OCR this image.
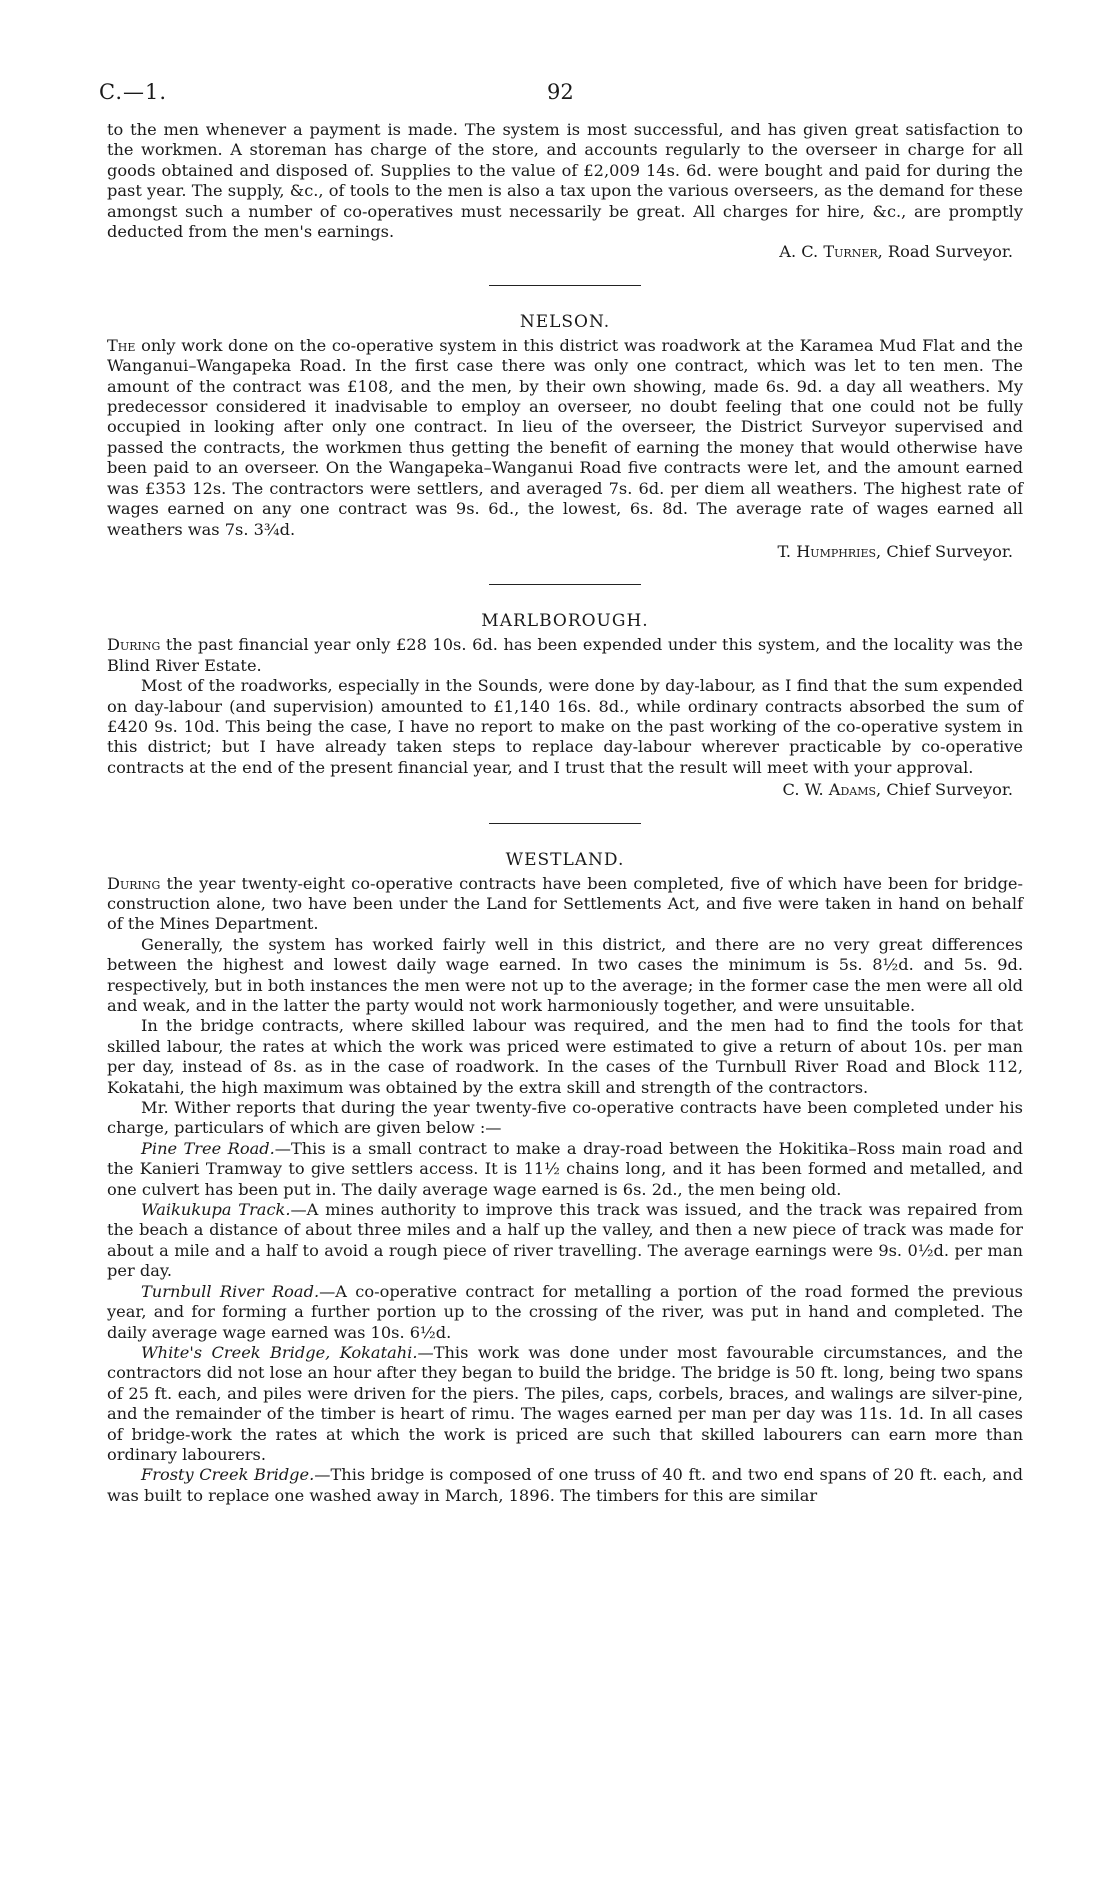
C.—1.	92

to the men whenever a payment is made. The system is most successful, and has given great satisfaction to the workmen. A storeman has charge of the store, and accounts regularly to the overseer in charge for all goods obtained and disposed of. Supplies to the value of £2,009 14s. 6d. were bought and paid for during the past year. The supply, &c., of tools to the men is also a tax upon the various overseers, as the demand for these amongst such a number of co-operatives must necessarily be great. All charges for hire, &c., are promptly deducted from the men's earnings.

A. C. Turner, Road Surveyor.
NELSON.

The only work done on the co-operative system in this district was roadwork at the Karamea Mud Flat and the Wanganui–Wangapeka Road. In the first case there was only one contract, which was let to ten men. The amount of the contract was £108, and the men, by their own showing, made 6s. 9d. a day all weathers. My predecessor considered it inadvisable to employ an overseer, no doubt feeling that one could not be fully occupied in looking after only one contract. In lieu of the overseer, the District Surveyor supervised and passed the contracts, the workmen thus getting the benefit of earning the money that would otherwise have been paid to an overseer. On the Wangapeka–Wanganui Road five contracts were let, and the amount earned was £353 12s. The contractors were settlers, and averaged 7s. 6d. per diem all weathers. The highest rate of wages earned on any one contract was 9s. 6d., the lowest, 6s. 8d. The average rate of wages earned all weathers was 7s. 3¾d.

T. Humphries, Chief Surveyor.
MARLBOROUGH.

During the past financial year only £28 10s. 6d. has been expended under this system, and the locality was the Blind River Estate.

Most of the roadworks, especially in the Sounds, were done by day-labour, as I find that the sum expended on day-labour (and supervision) amounted to £1,140 16s. 8d., while ordinary contracts absorbed the sum of £420 9s. 10d. This being the case, I have no report to make on the past working of the co-operative system in this district; but I have already taken steps to replace day-labour wherever practicable by co-operative contracts at the end of the present financial year, and I trust that the result will meet with your approval.

C. W. Adams, Chief Surveyor.
WESTLAND.

During the year twenty-eight co-operative contracts have been completed, five of which have been for bridge-construction alone, two have been under the Land for Settlements Act, and five were taken in hand on behalf of the Mines Department.

Generally, the system has worked fairly well in this district, and there are no very great differences between the highest and lowest daily wage earned. In two cases the minimum is 5s. 8½d. and 5s. 9d. respectively, but in both instances the men were not up to the average; in the former case the men were all old and weak, and in the latter the party would not work harmoniously together, and were unsuitable.

In the bridge contracts, where skilled labour was required, and the men had to find the tools for that skilled labour, the rates at which the work was priced were estimated to give a return of about 10s. per man per day, instead of 8s. as in the case of roadwork. In the cases of the Turnbull River Road and Block 112, Kokatahi, the high maximum was obtained by the extra skill and strength of the contractors.

Mr. Wither reports that during the year twenty-five co-operative contracts have been completed under his charge, particulars of which are given below :—

Pine Tree Road.—This is a small contract to make a dray-road between the Hokitika–Ross main road and the Kanieri Tramway to give settlers access. It is 11½ chains long, and it has been formed and metalled, and one culvert has been put in. The daily average wage earned is 6s. 2d., the men being old.

Waikukupa Track.—A mines authority to improve this track was issued, and the track was repaired from the beach a distance of about three miles and a half up the valley, and then a new piece of track was made for about a mile and a half to avoid a rough piece of river travelling. The average earnings were 9s. 0½d. per man per day.

Turnbull River Road.—A co-operative contract for metalling a portion of the road formed the previous year, and for forming a further portion up to the crossing of the river, was put in hand and completed. The daily average wage earned was 10s. 6½d.

White's Creek Bridge, Kokatahi.—This work was done under most favourable circumstances, and the contractors did not lose an hour after they began to build the bridge. The bridge is 50 ft. long, being two spans of 25 ft. each, and piles were driven for the piers. The piles, caps, corbels, braces, and walings are silver-pine, and the remainder of the timber is heart of rimu. The wages earned per man per day was 11s. 1d. In all cases of bridge-work the rates at which the work is priced are such that skilled labourers can earn more than ordinary labourers.

Frosty Creek Bridge.—This bridge is composed of one truss of 40 ft. and two end spans of 20 ft. each, and was built to replace one washed away in March, 1896. The timbers for this are similar
